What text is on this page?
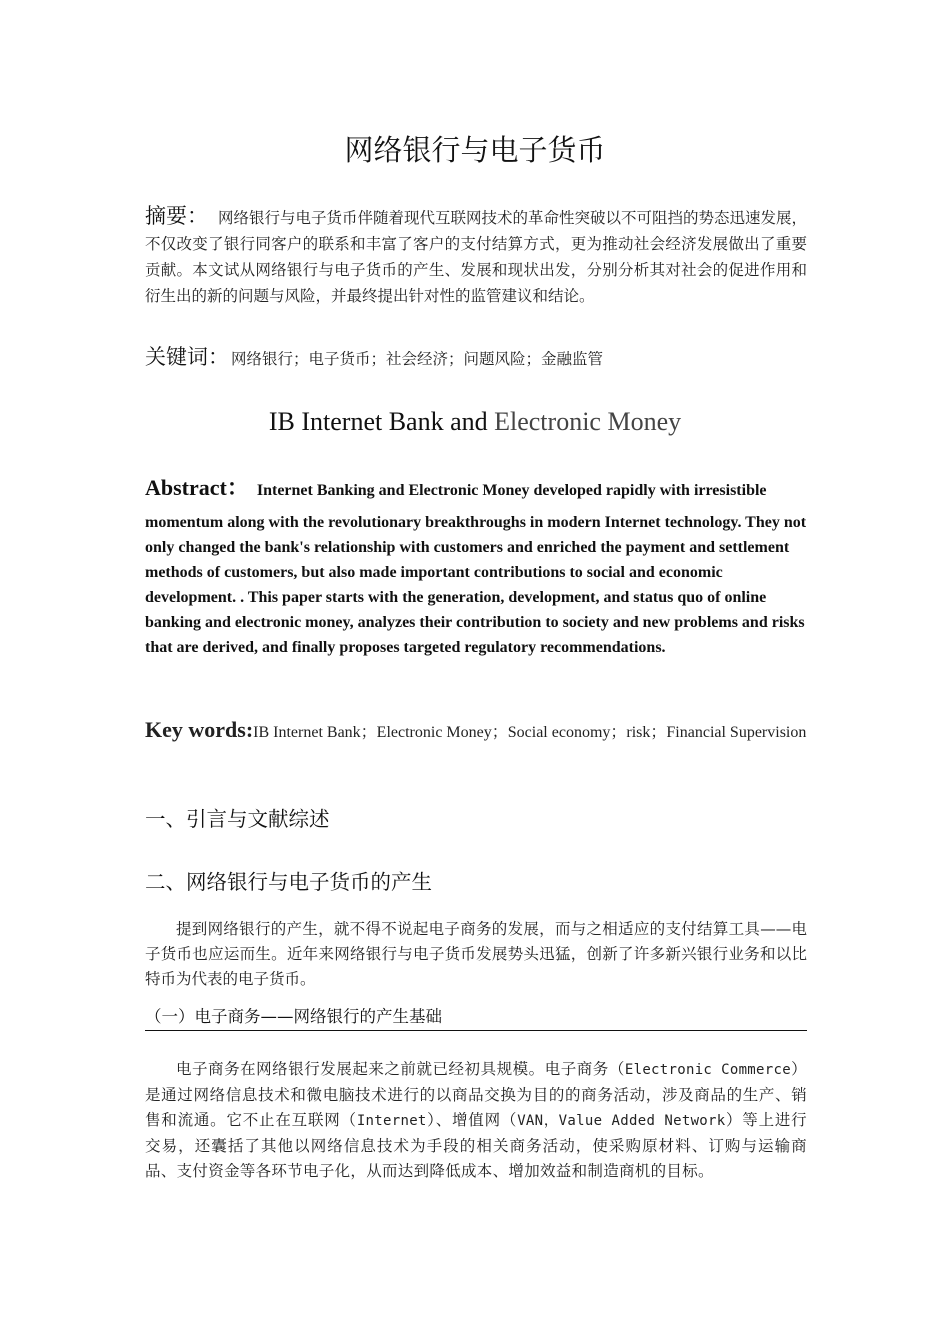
网络银行与电子货币
摘要： 网络银行与电子货币伴随着现代互联网技术的革命性突破以不可阻挡的势态迅速发展，不仅改变了银行同客户的联系和丰富了客户的支付结算方式，更为推动社会经济发展做出了重要贡献。本文试从网络银行与电子货币的产生、发展和现状出发，分别分析其对社会的促进作用和衍生出的新的问题与风险，并最终提出针对性的监管建议和结论。
关键词： 网络银行；电子货币；社会经济；问题风险；金融监管
IB Internet Bank and Electronic Money
Abstract： Internet Banking and Electronic Money developed rapidly with irresistible
momentum along with the revolutionary breakthroughs in modern Internet technology. They not only changed the bank's relationship with customers and enriched the payment and settlement methods of customers, but also made important contributions to social and economic development. . This paper starts with the generation, development, and status quo of online banking and electronic money, analyzes their contribution to society and new problems and risks that are derived, and finally proposes targeted regulatory recommendations.
Key words:IB Internet Bank；Electronic Money；Social economy；risk；Financial Supervision
一、引言与文献综述
二、网络银行与电子货币的产生
提到网络银行的产生，就不得不说起电子商务的发展，而与之相适应的支付结算工具——电子货币也应运而生。近年来网络银行与电子货币发展势头迅猛，创新了许多新兴银行业务和以比特币为代表的电子货币。
（一）电子商务——网络银行的产生基础
电子商务在网络银行发展起来之前就已经初具规模。电子商务（Electronic Commerce）是通过网络信息技术和微电脑技术进行的以商品交换为目的的商务活动，涉及商品的生产、销售和流通。它不止在互联网（Internet）、增值网（VAN，Value Added Network）等上进行交易，还囊括了其他以网络信息技术为手段的相关商务活动，使采购原材料、订购与运输商品、支付资金等各环节电子化，从而达到降低成本、增加效益和制造商机的目标。
